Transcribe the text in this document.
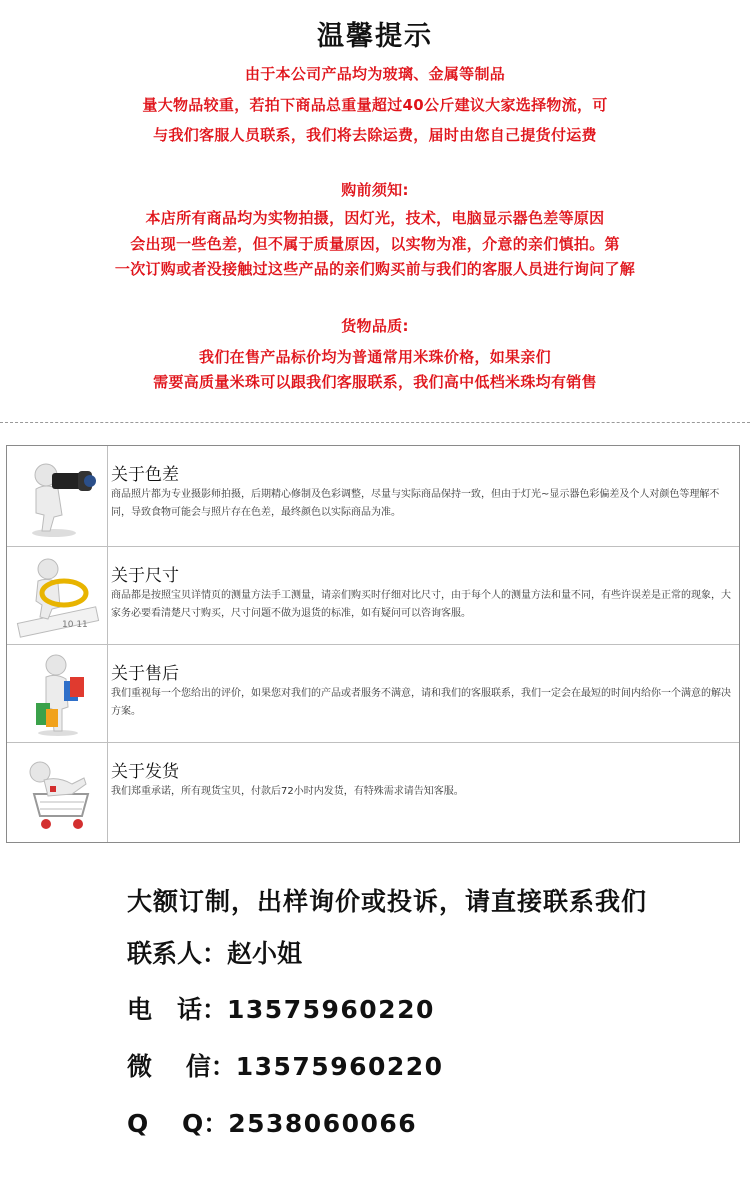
温馨提示
由于本公司产品均为玻璃、金属等制品
量大物品较重，若拍下商品总重量超过40公斤建议大家选择物流，可
与我们客服人员联系，我们将去除运费，届时由您自己提货付运费
购前须知:
本店所有商品均为实物拍摄，因灯光，技术，电脑显示器色差等原因
会出现一些色差，但不属于质量原因，以实物为准，介意的亲们慎拍。第
一次订购或者没接触过这些产品的亲们购买前与我们的客服人员进行询问了解
货物品质:
我们在售产品标价均为普通常用米珠价格，如果亲们
需要高质量米珠可以跟我们客服联系，我们高中低档米珠均有销售
关于色差
商品照片都为专业摄影师拍摄，后期精心修制及色彩调整，尽量与实际商品保持一致，但由于灯光~显示器色彩偏差及个人对颜色等理解不同，导致食物可能会与照片存在色差，最终颜色以实际商品为准。
10 11
关于尺寸
商品都是按照宝贝详情页的测量方法手工测量，请亲们购买时仔细对比尺寸，由于每个人的测量方法和量不同，有些许误差是正常的现象，大家务必要看清楚尺寸购买，尺寸问题不做为退货的标准，如有疑问可以咨询客服。
关于售后
我们重视每一个您给出的评价，如果您对我们的产品或者服务不满意，请和我们的客服联系，我们一定会在最短的时间内给你一个满意的解决方案。
关于发货
我们郑重承诺，所有现货宝贝，付款后72小时内发货，有特殊需求请告知客服。
大额订制，出样询价或投诉，请直接联系我们
联系人：赵小姐
电　话：13575960220
微　 信：13575960220
Q　 Q：2538060066
